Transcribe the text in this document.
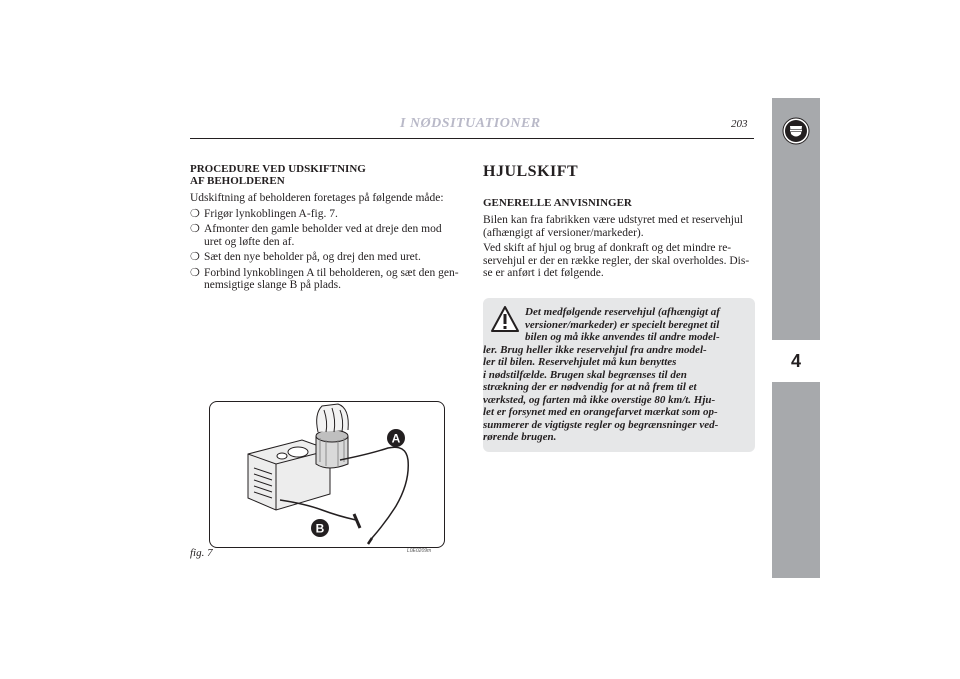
I NØDSITUATIONER	203
4
PROCEDURE VED UDSKIFTNING
AF BEHOLDEREN

Udskiftning af beholderen foretages på følgende måde:

❍ Frigør lynkoblingen A-fig. 7.
❍ Afmonter den gamle beholder ved at dreje den mod uret og løfte den af.
❍ Sæt den nye beholder på, og drej den med uret.
❍ Forbind lynkoblingen A til beholderen, og sæt den gen-nemsigtige slange B på plads.
HJULSKIFT
GENERELLE ANVISNINGER

Bilen kan fra fabrikken være udstyret med et reservehjul (afhængigt af versioner/markeder).

Ved skift af hjul og brug af donkraft og det mindre re-servehjul er der en række regler, der skal overholdes. Dis-se er anført i det følgende.

Det medfølgende reservehjul (afhængigt af
versioner/markeder) er specielt beregnet til
bilen og må ikke anvendes til andre model-
ler. Brug heller ikke reservehjul fra andre model-
ler til bilen. Reservehjulet må kun benyttes
i nødstilfælde. Brugen skal begrænses til den
strækning der er nødvendig for at nå frem til et
værksted, og farten må ikke overstige 80 km/t. Hju-
let er forsynet med en orangefarvet mærkat som op-
summerer de vigtigste regler og begrænsninger ved-
rørende brugen.
A
B
fig. 7	L0E0209m
